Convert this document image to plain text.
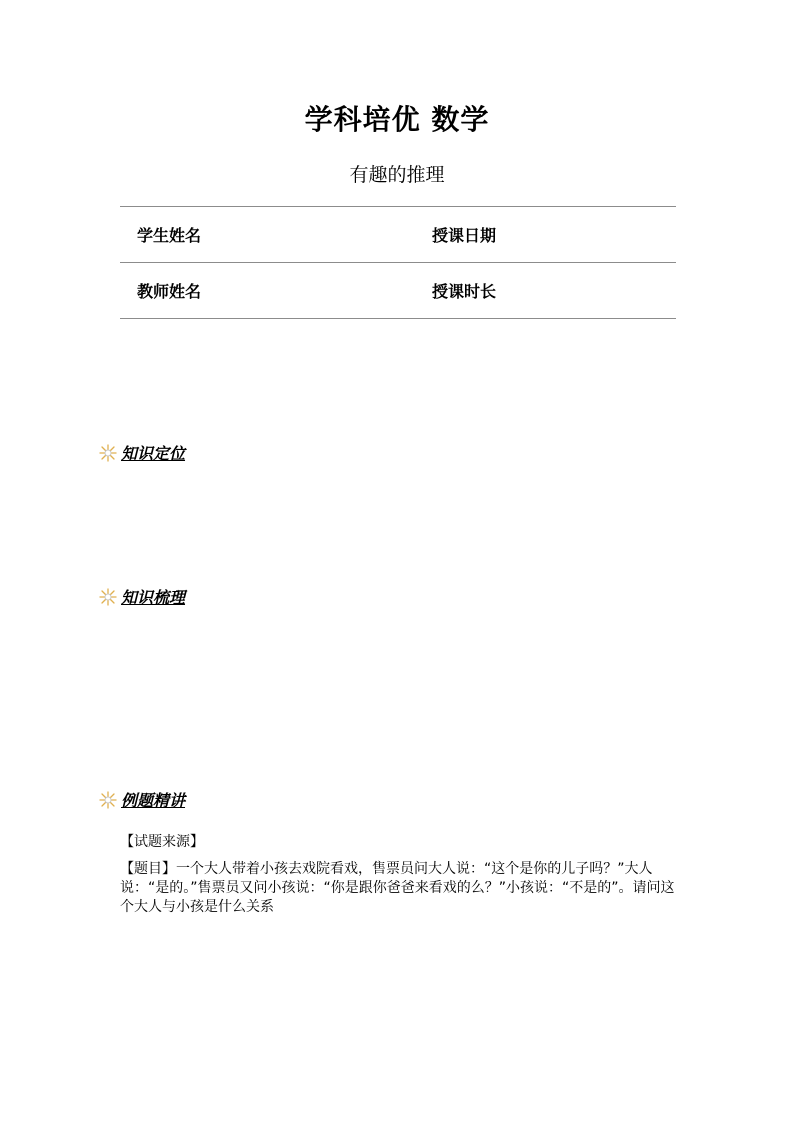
学科培优 数学
有趣的推理
学生姓名	授课日期
教师姓名	授课时长
知识定位
知识梳理
例题精讲
【试题来源】
【题目】一个大人带着小孩去戏院看戏，售票员问大人说：“这个是你的儿子吗？”大人说：“是的。”售票员又问小孩说：“你是跟你爸爸来看戏的么？”小孩说：“不是的”。请问这个大人与小孩是什么关系
